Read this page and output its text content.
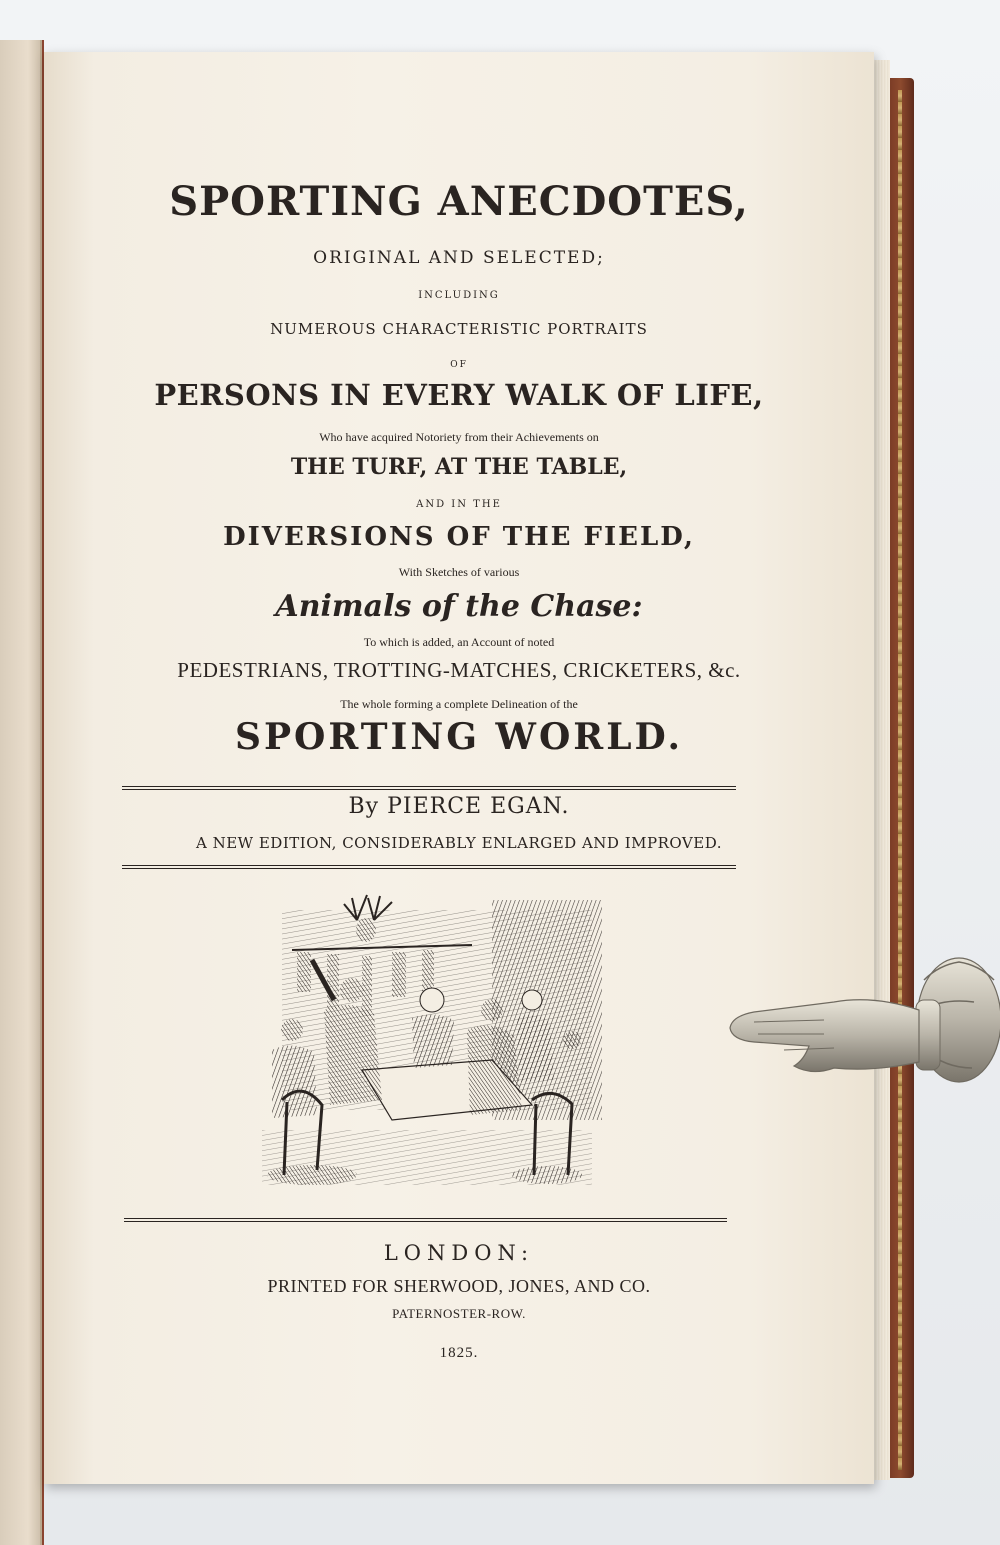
SPORTING ANECDOTES,
ORIGINAL AND SELECTED;
INCLUDING
NUMEROUS CHARACTERISTIC PORTRAITS
OF
PERSONS IN EVERY WALK OF LIFE,
Who have acquired Notoriety from their Achievements on
THE TURF, AT THE TABLE,
AND IN THE
DIVERSIONS OF THE FIELD,
With Sketches of various
Animals of the Chase:
To which is added, an Account of noted
PEDESTRIANS, TROTTING-MATCHES, CRICKETERS, &c.
The whole forming a complete Delineation of the
SPORTING WORLD.
By PIERCE EGAN.
A NEW EDITION, CONSIDERABLY ENLARGED AND IMPROVED.
LONDON:
PRINTED FOR SHERWOOD, JONES, AND CO.
PATERNOSTER-ROW.
1825.
